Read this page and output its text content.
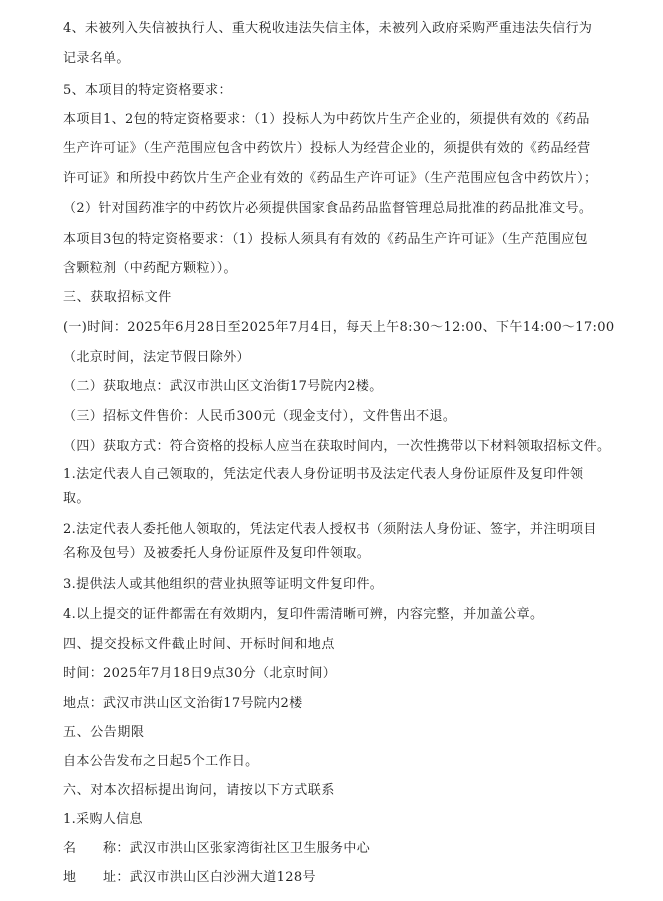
4、未被列入失信被执行人、重大税收违法失信主体，未被列入政府采购严重违法失信行为
记录名单。
5、本项目的特定资格要求：
本项目1、2包的特定资格要求：（1）投标人为中药饮片生产企业的，须提供有效的《药品
生产许可证》（生产范围应包含中药饮片）投标人为经营企业的，须提供有效的《药品经营
许可证》和所投中药饮片生产企业有效的《药品生产许可证》（生产范围应包含中药饮片）；
（2）针对国药准字的中药饮片必须提供国家食品药品监督管理总局批准的药品批准文号。
本项目3包的特定资格要求：（1）投标人须具有有效的《药品生产许可证》（生产范围应包
含颗粒剂（中药配方颗粒））。
三、获取招标文件
(一)时间：2025年6月28日至2025年7月4日，每天上午8:30～12:00、下午14:00～17:00
（北京时间，法定节假日除外）
（二）获取地点：武汉市洪山区文治街17号院内2楼。
（三）招标文件售价：人民币300元（现金支付），文件售出不退。
（四）获取方式：符合资格的投标人应当在获取时间内，一次性携带以下材料领取招标文件。
1.法定代表人自己领取的，凭法定代表人身份证明书及法定代表人身份证原件及复印件领
取。
2.法定代表人委托他人领取的，凭法定代表人授权书（须附法人身份证、签字，并注明项目
名称及包号）及被委托人身份证原件及复印件领取。
3.提供法人或其他组织的营业执照等证明文件复印件。
4.以上提交的证件都需在有效期内，复印件需清晰可辨，内容完整，并加盖公章。
四、提交投标文件截止时间、开标时间和地点
时间：2025年7月18日9点30分（北京时间）
地点：武汉市洪山区文治街17号院内2楼
五、公告期限
自本公告发布之日起5个工作日。
六、对本次招标提出询问，请按以下方式联系
1.采购人信息
名　　称：武汉市洪山区张家湾街社区卫生服务中心
地　　址：武汉市洪山区白沙洲大道128号
